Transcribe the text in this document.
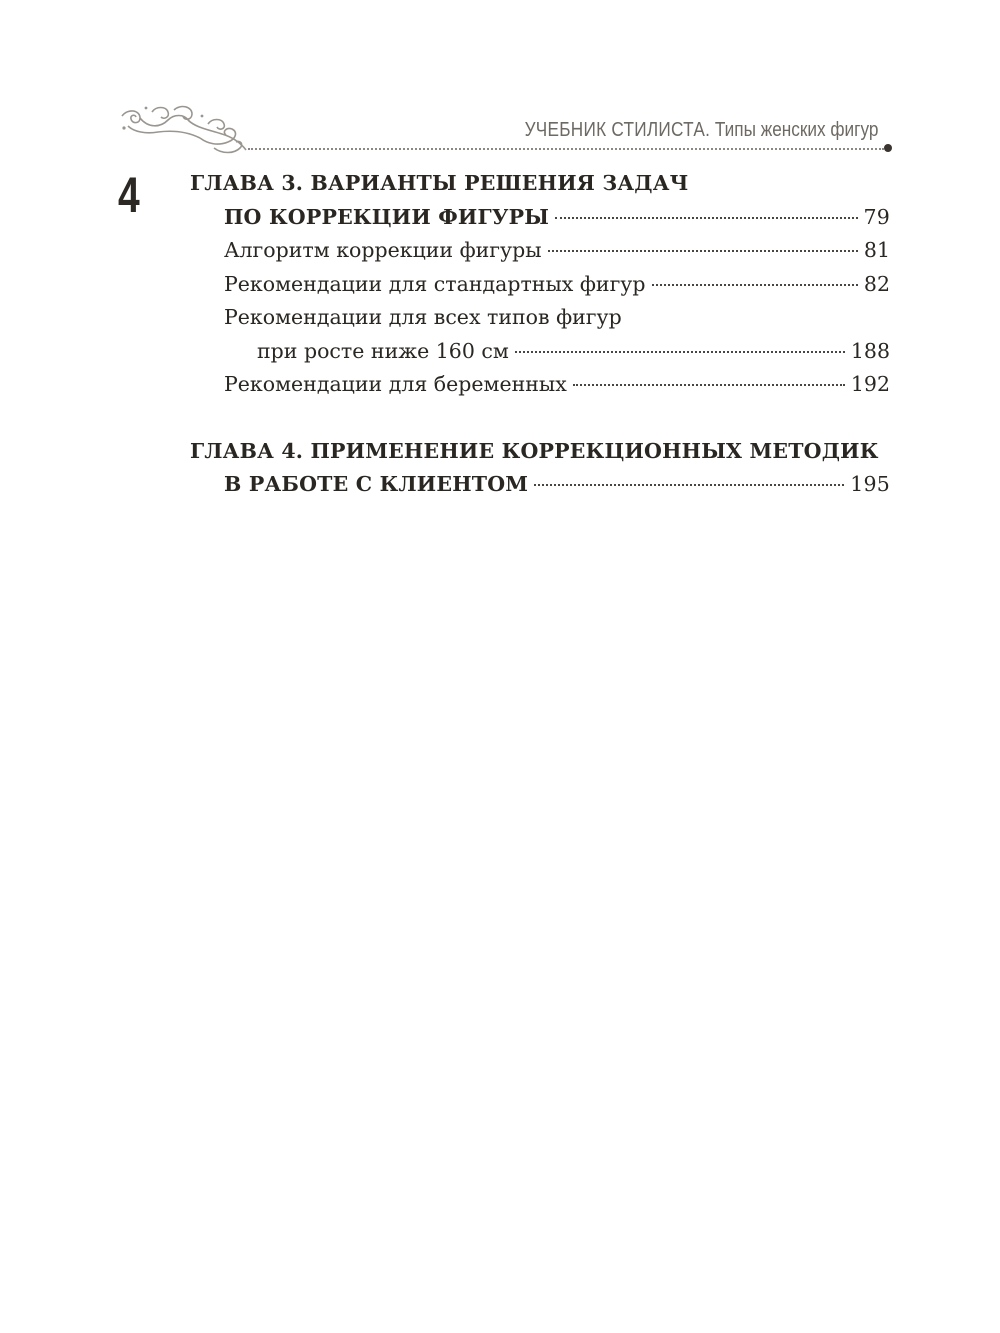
УЧЕБНИК СТИЛИСТА. Типы женских фигур
4 ГЛАВА 3. ВАРИАНТЫ РЕШЕНИЯ ЗАДАЧ
ПО КОРРЕКЦИИ ФИГУРЫ	79
Алгоритм коррекции фигуры	81
Рекомендации для стандартных фигур	82
Рекомендации для всех типов фигур
при росте ниже 160 см	188
Рекомендации для беременных	192
ГЛАВА 4. ПРИМЕНЕНИЕ КОРРЕКЦИОННЫХ МЕТОДИК
В РАБОТЕ С КЛИЕНТОМ	195
